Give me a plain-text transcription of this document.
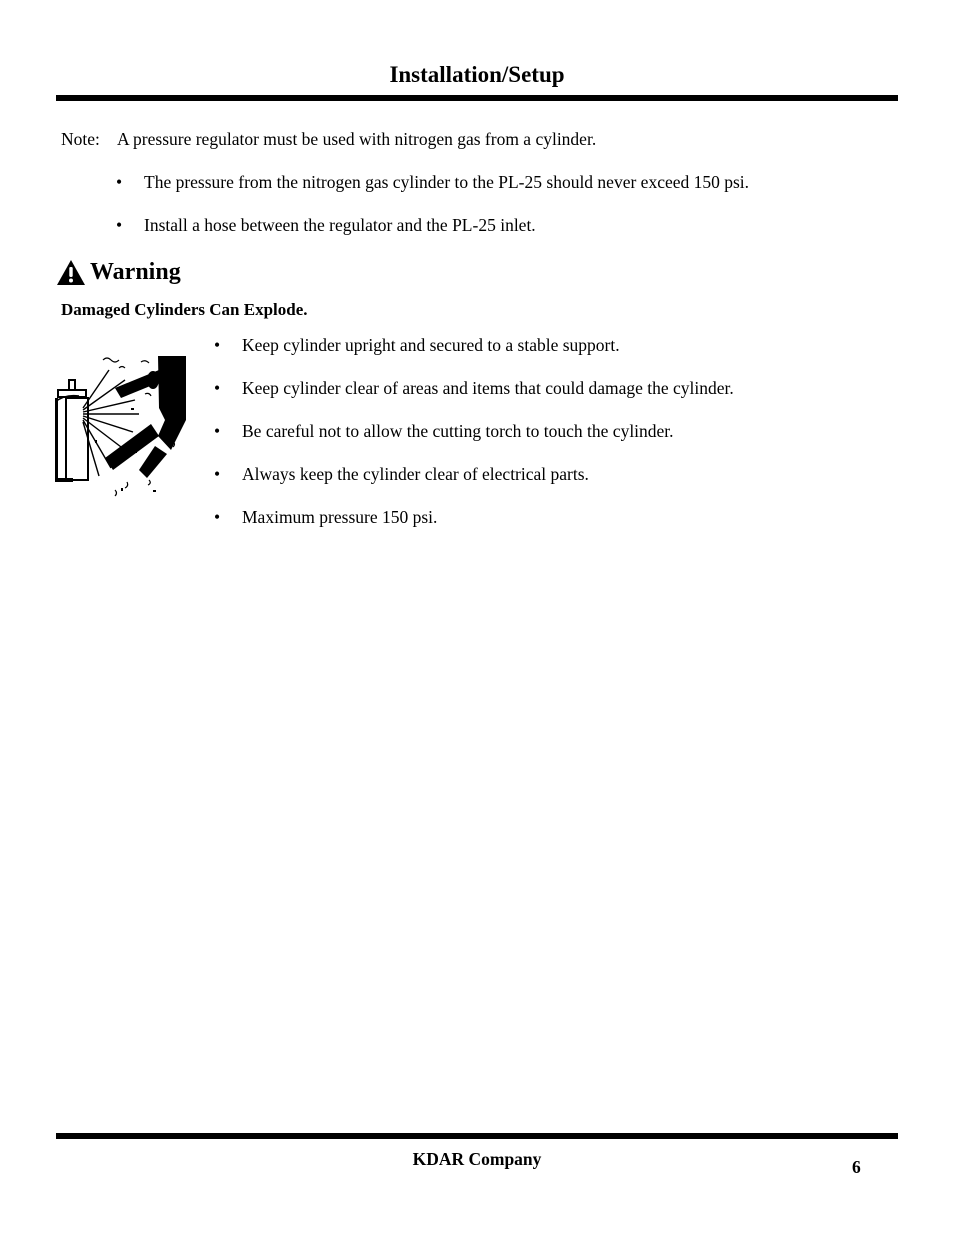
Installation/Setup
Note: A pressure regulator must be used with nitrogen gas from a cylinder.
• The pressure from the nitrogen gas cylinder to the PL-25 should never exceed 150 psi.
• Install a hose between the regulator and the PL-25 inlet.
Warning
Damaged Cylinders Can Explode.
• Keep cylinder upright and secured to a stable support.
• Keep cylinder clear of areas and items that could damage the cylinder.
• Be careful not to allow the cutting torch to touch the cylinder.
• Always keep the cylinder clear of electrical parts.
• Maximum pressure 150 psi.
KDAR Company	6
